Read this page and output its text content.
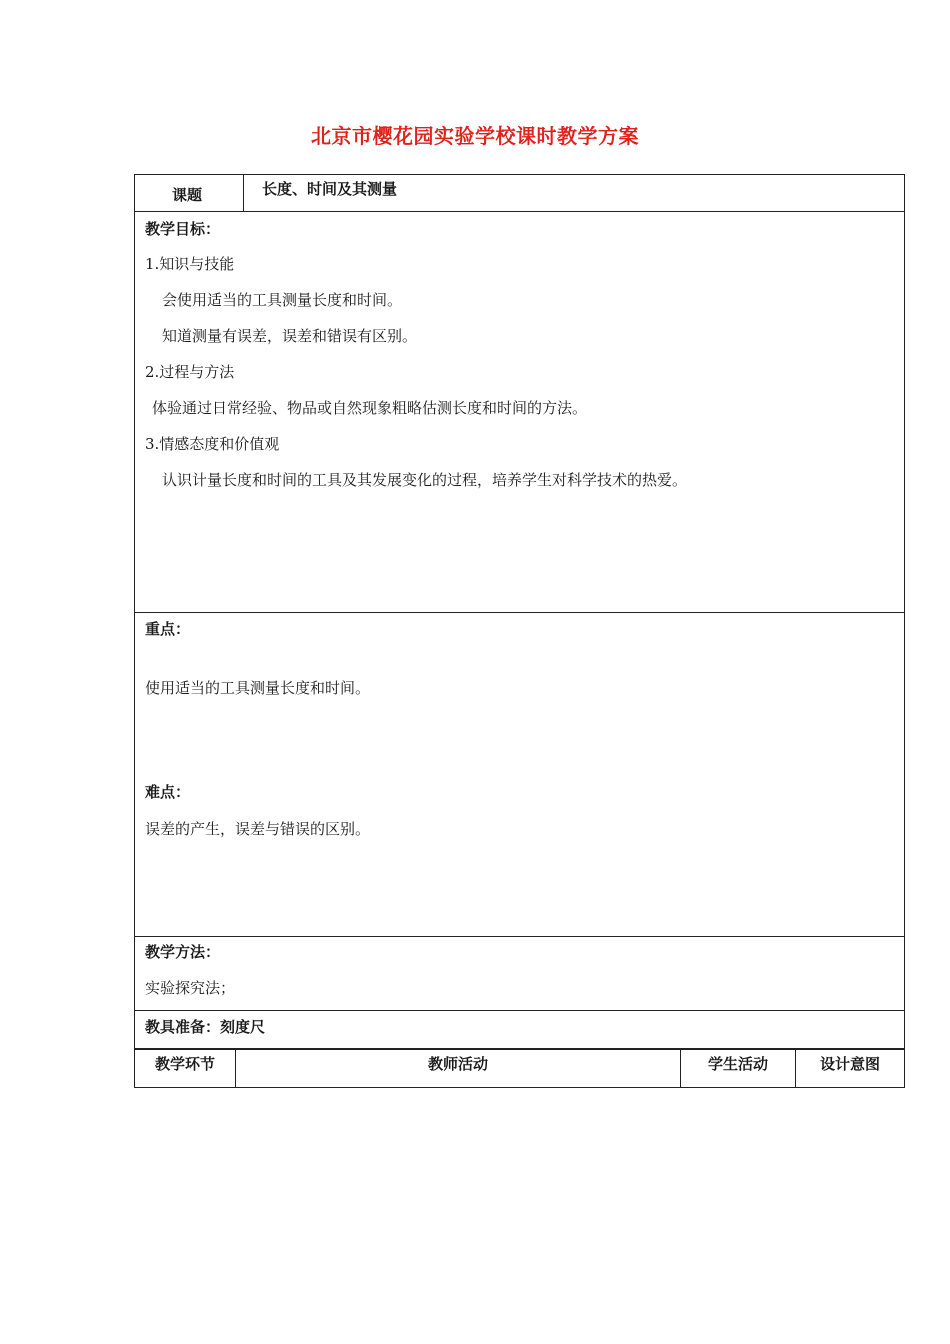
北京市樱花园实验学校课时教学方案
课题	长度、时间及其测量
教学目标：
1.知识与技能
会使用适当的工具测量长度和时间。
知道测量有误差，误差和错误有区别。
2.过程与方法
体验通过日常经验、物品或自然现象粗略估测长度和时间的方法。
3.情感态度和价值观
认识计量长度和时间的工具及其发展变化的过程，培养学生对科学技术的热爱。
重点：
使用适当的工具测量长度和时间。
难点：
误差的产生，误差与错误的区别。
教学方法：
实验探究法；
教具准备：刻度尺
教学环节	教师活动	学生活动	设计意图
